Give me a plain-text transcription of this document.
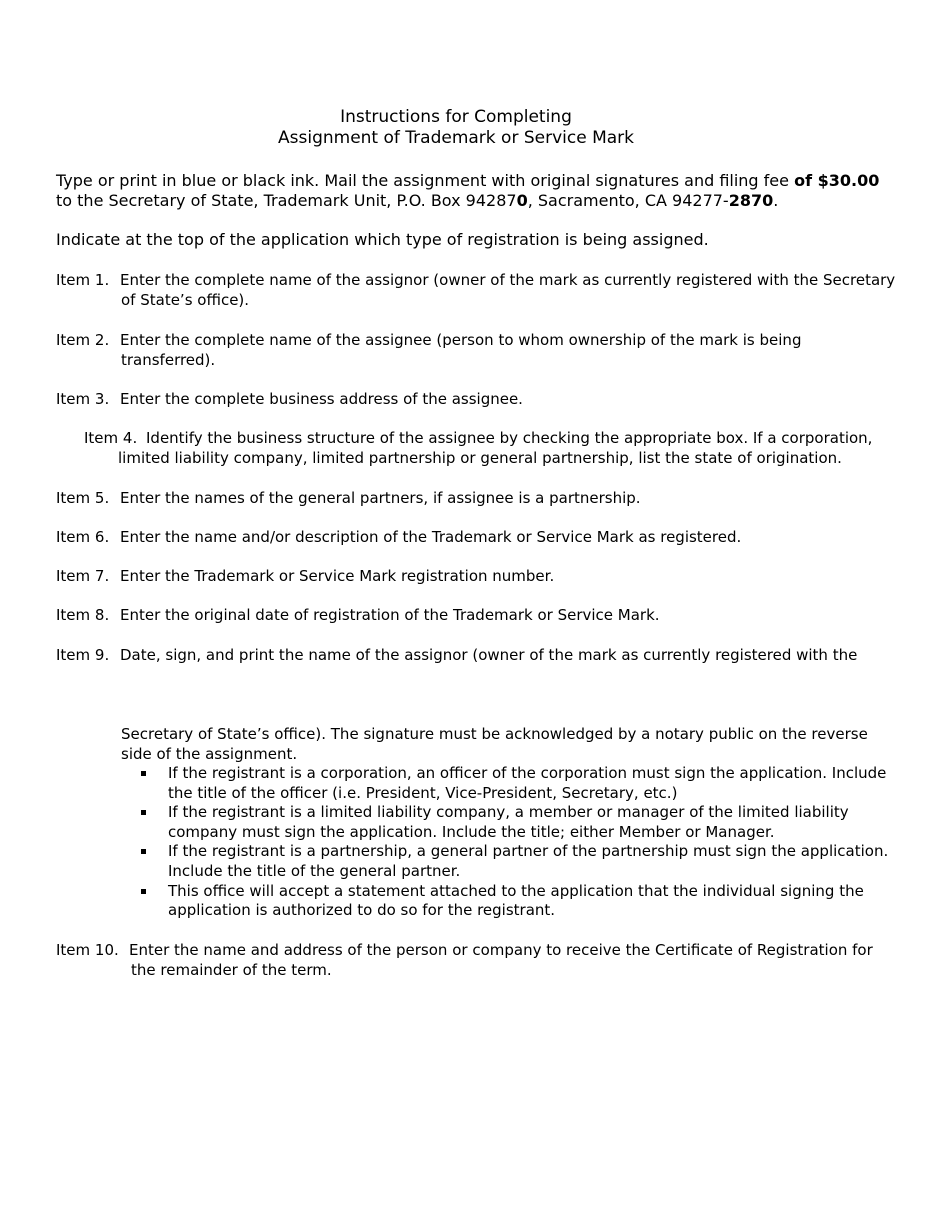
Instructions for Completing
Assignment of Trademark or Service Mark
Type or print in blue or black ink. Mail the assignment with original signatures and filing fee of $30.00
to the Secretary of State, Trademark Unit, P.O. Box 942870, Sacramento, CA 94277-2870.
Indicate at the top of the application which type of registration is being assigned.
Item 1. Enter the complete name of the assignor (owner of the mark as currently registered with the Secretary
of State’s office).
Item 2. Enter the complete name of the assignee (person to whom ownership of the mark is being
transferred).
Item 3. Enter the complete business address of the assignee.
Item 4. Identify the business structure of the assignee by checking the appropriate box. If a corporation,
limited liability company, limited partnership or general partnership, list the state of origination.
Item 5. Enter the names of the general partners, if assignee is a partnership.
Item 6. Enter the name and/or description of the Trademark or Service Mark as registered.
Item 7. Enter the Trademark or Service Mark registration number.
Item 8. Enter the original date of registration of the Trademark or Service Mark.
Item 9. Date, sign, and print the name of the assignor (owner of the mark as currently registered with the
Secretary of State’s office). The signature must be acknowledged by a notary public on the reverse
side of the assignment.
If the registrant is a corporation, an officer of the corporation must sign the application. Include
the title of the officer (i.e. President, Vice-President, Secretary, etc.)
If the registrant is a limited liability company, a member or manager of the limited liability
company must sign the application. Include the title; either Member or Manager.
If the registrant is a partnership, a general partner of the partnership must sign the application.
Include the title of the general partner.
This office will accept a statement attached to the application that the individual signing the
application is authorized to do so for the registrant.
Item 10. Enter the name and address of the person or company to receive the Certificate of Registration for
the remainder of the term.
